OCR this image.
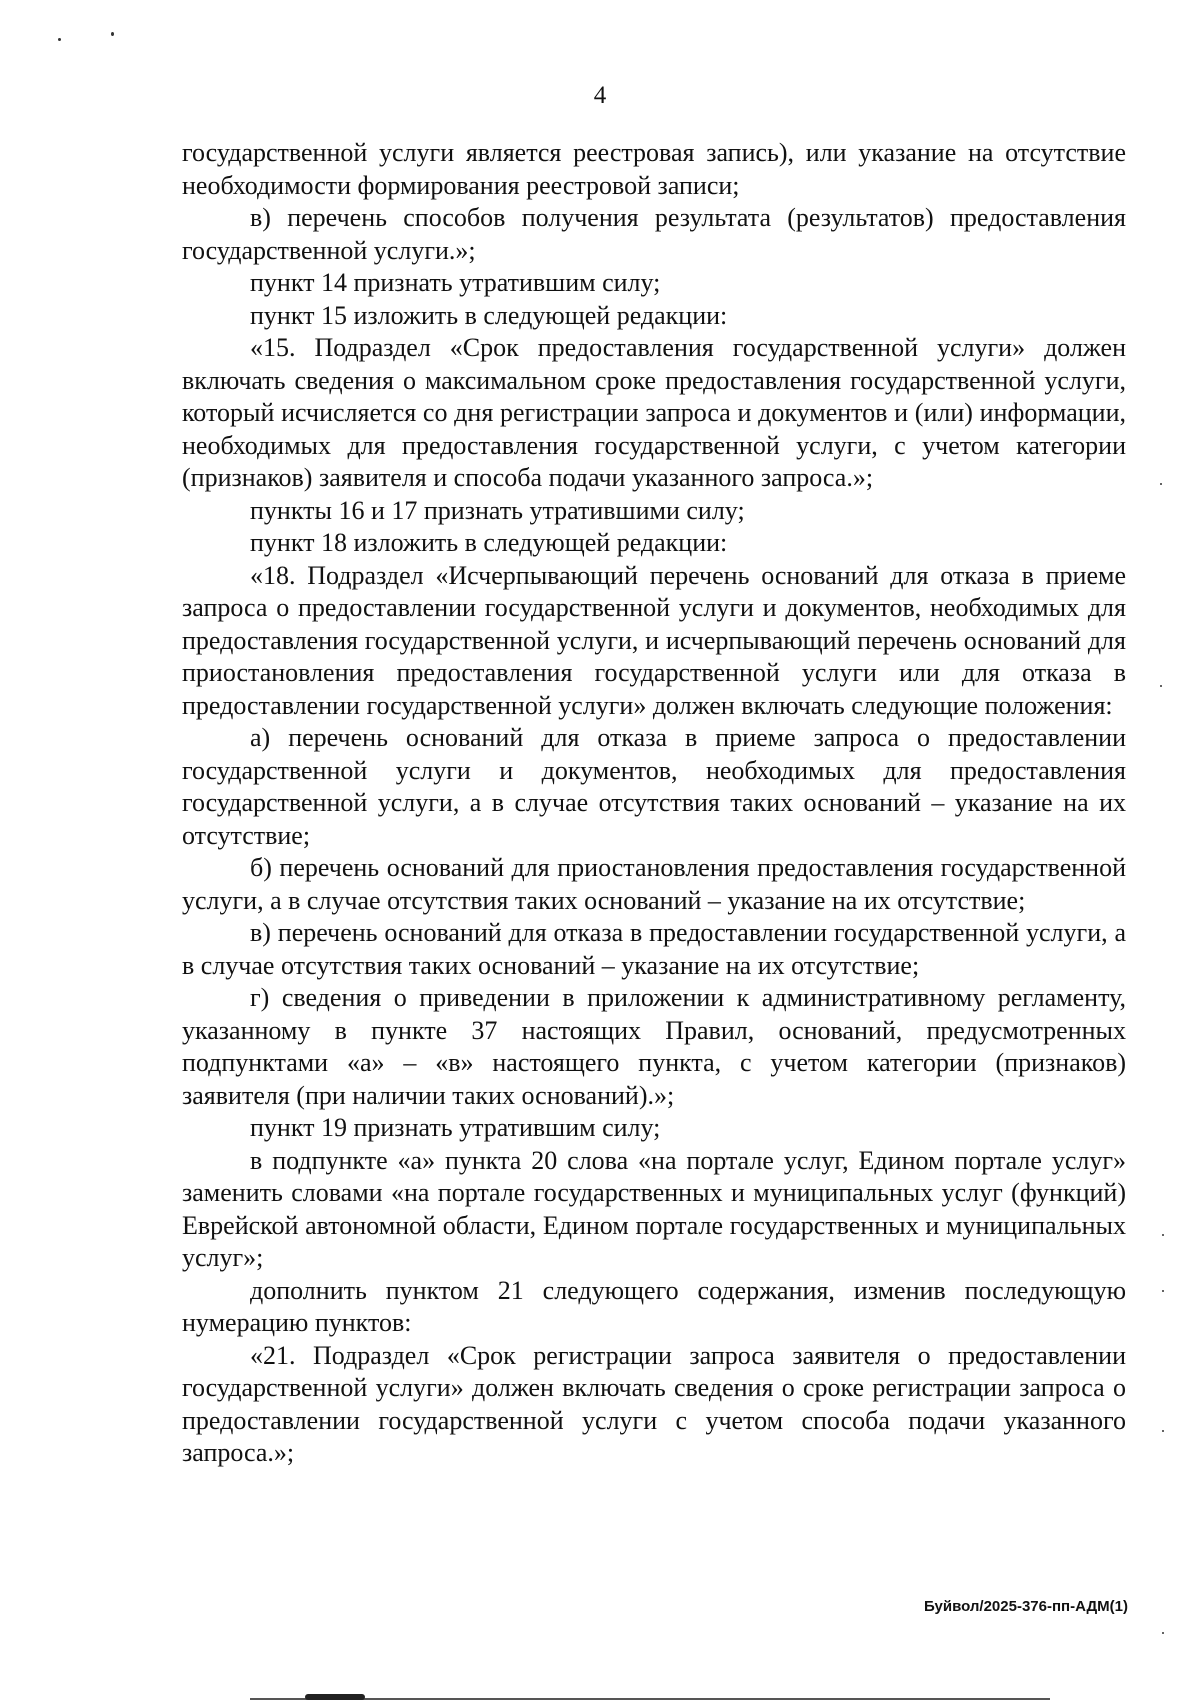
4

государственной услуги является реестровая запись), или указание на отсутствие необходимости формирования реестровой записи;

в) перечень способов получения результата (результатов) предоставления государственной услуги.»;

пункт 14 признать утратившим силу;

пункт 15 изложить в следующей редакции:

«15. Подраздел «Срок предоставления государственной услуги» должен включать сведения о максимальном сроке предоставления государственной услуги, который исчисляется со дня регистрации запроса и документов и (или) информации, необходимых для предоставления государственной услуги, с учетом категории (признаков) заявителя и способа подачи указанного запроса.»;

пункты 16 и 17 признать утратившими силу;

пункт 18 изложить в следующей редакции:

«18. Подраздел «Исчерпывающий перечень оснований для отказа в приеме запроса о предоставлении государственной услуги и документов, необходимых для предоставления государственной услуги, и исчерпывающий перечень оснований для приостановления предоставления государственной услуги или для отказа в предоставлении государственной услуги» должен включать следующие положения:

а) перечень оснований для отказа в приеме запроса о предоставлении государственной услуги и документов, необходимых для предоставления государственной услуги, а в случае отсутствия таких оснований – указание на их отсутствие;

б) перечень оснований для приостановления предоставления государственной услуги, а в случае отсутствия таких оснований – указание на их отсутствие;

в) перечень оснований для отказа в предоставлении государственной услуги, а в случае отсутствия таких оснований – указание на их отсутствие;

г) сведения о приведении в приложении к административному регламенту, указанному в пункте 37 настоящих Правил, оснований, предусмотренных подпунктами «а» – «в» настоящего пункта, с учетом категории (признаков) заявителя (при наличии таких оснований).»;

пункт 19 признать утратившим силу;

в подпункте «а» пункта 20 слова «на портале услуг, Едином портале услуг» заменить словами «на портале государственных и муниципальных услуг (функций) Еврейской автономной области, Едином портале государственных и муниципальных услуг»;

дополнить пунктом 21 следующего содержания, изменив последующую нумерацию пунктов:

«21. Подраздел «Срок регистрации запроса заявителя о предоставлении государственной услуги» должен включать сведения о сроке регистрации запроса о предоставлении государственной услуги с учетом способа подачи указанного запроса.»;

Буйвол/2025-376-пп-АДМ(1)
